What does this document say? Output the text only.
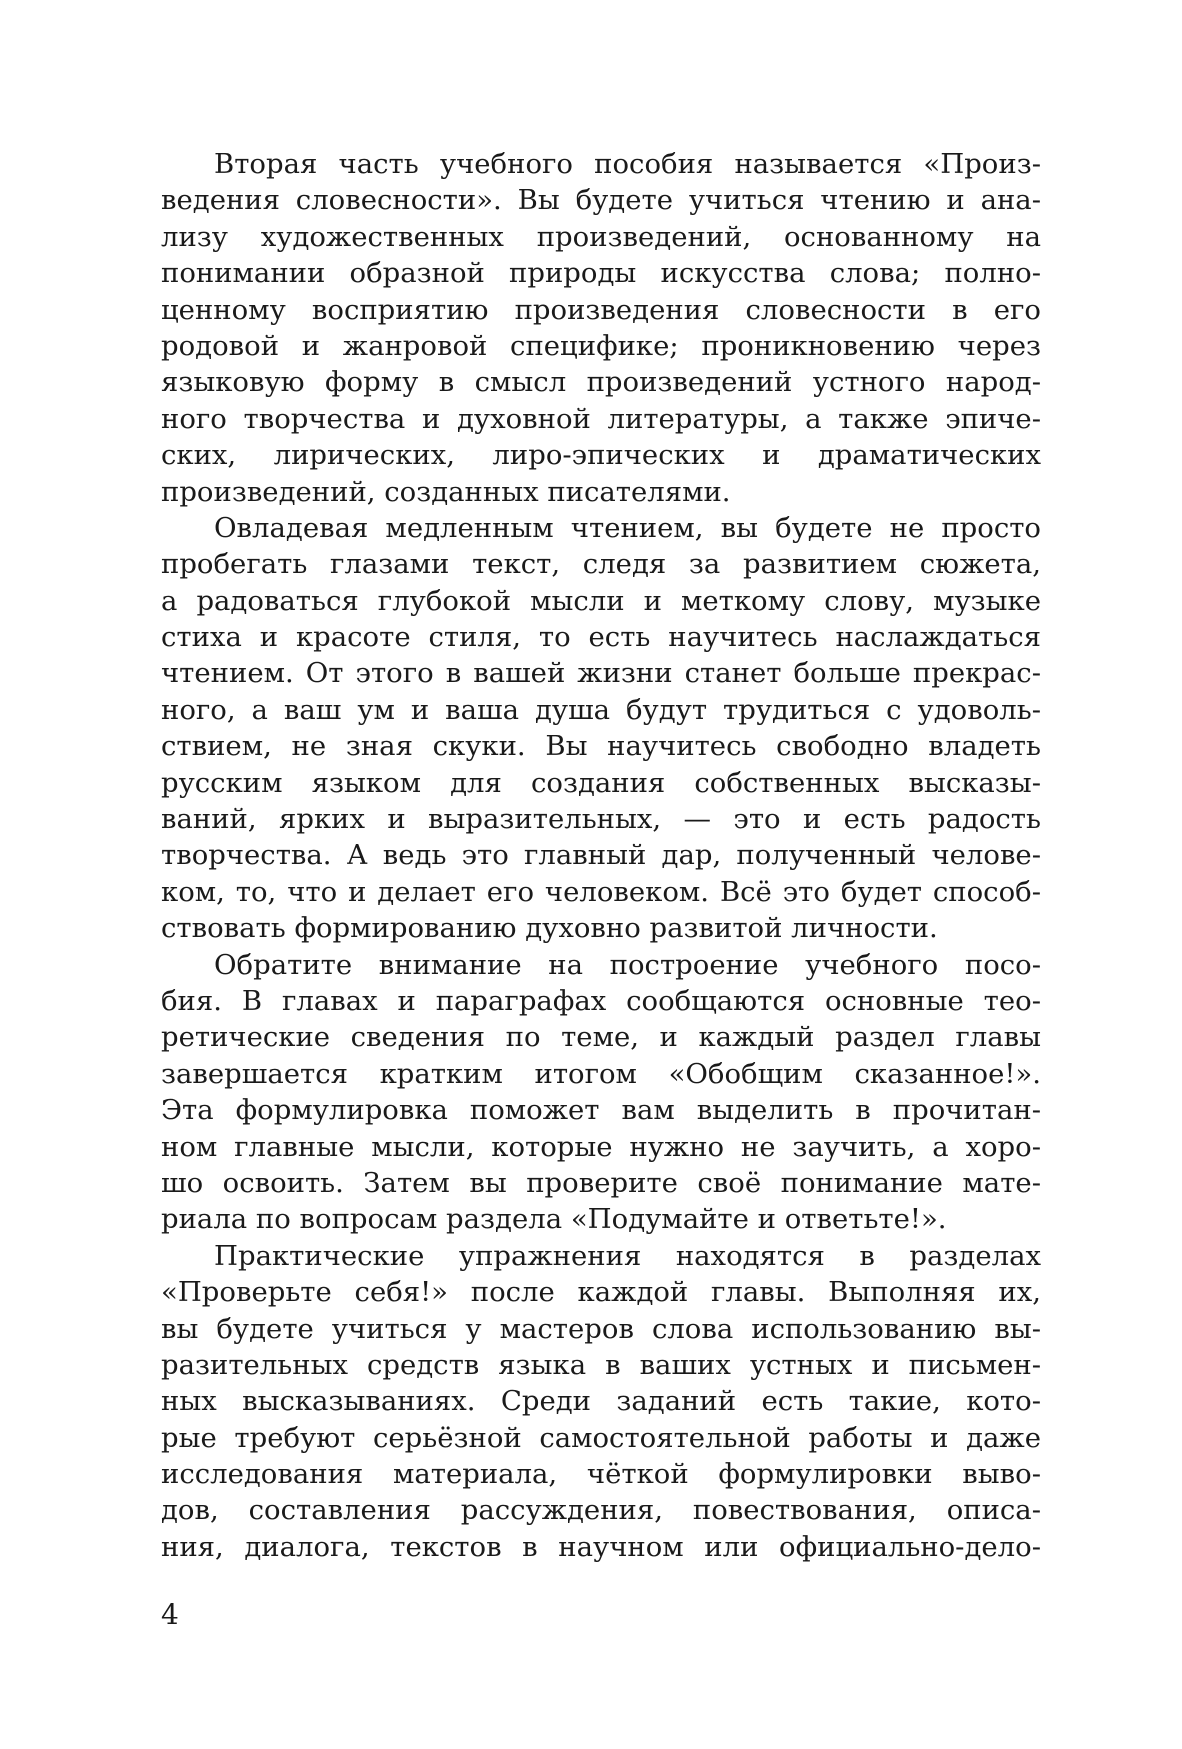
Вторая часть учебного пособия называется «Произ-
ведения словесности». Вы будете учиться чтению и ана-
лизу художественных произведений, основанному на
понимании образной природы искусства слова; полно-
ценному восприятию произведения словесности в его
родовой и жанровой специфике; проникновению через
языковую форму в смысл произведений устного народ-
ного творчества и духовной литературы, а также эпиче-
ских, лирических, лиро-эпических и драматических
произведений, созданных писателями.

Овладевая медленным чтением, вы будете не просто
пробегать глазами текст, следя за развитием сюжета,
а радоваться глубокой мысли и меткому слову, музыке
стиха и красоте стиля, то есть научитесь наслаждаться
чтением. От этого в вашей жизни станет больше прекрас-
ного, а ваш ум и ваша душа будут трудиться с удоволь-
ствием, не зная скуки. Вы научитесь свободно владеть
русским языком для создания собственных высказы-
ваний, ярких и выразительных, — это и есть радость
творчества. А ведь это главный дар, полученный челове-
ком, то, что и делает его человеком. Всё это будет способ-
ствовать формированию духовно развитой личности.

Обратите внимание на построение учебного посо-
бия. В главах и параграфах сообщаются основные тео-
ретические сведения по теме, и каждый раздел главы
завершается кратким итогом «Обобщим сказанное!».
Эта формулировка поможет вам выделить в прочитан-
ном главные мысли, которые нужно не заучить, а хоро-
шо освоить. Затем вы проверите своё понимание мате-
риала по вопросам раздела «Подумайте и ответьте!».

Практические упражнения находятся в разделах
«Проверьте себя!» после каждой главы. Выполняя их,
вы будете учиться у мастеров слова использованию вы-
разительных средств языка в ваших устных и письмен-
ных высказываниях. Среди заданий есть такие, кото-
рые требуют серьёзной самостоятельной работы и даже
исследования материала, чёткой формулировки выво-
дов, составления рассуждения, повествования, описа-
ния, диалога, текстов в научном или официально-дело-

4
